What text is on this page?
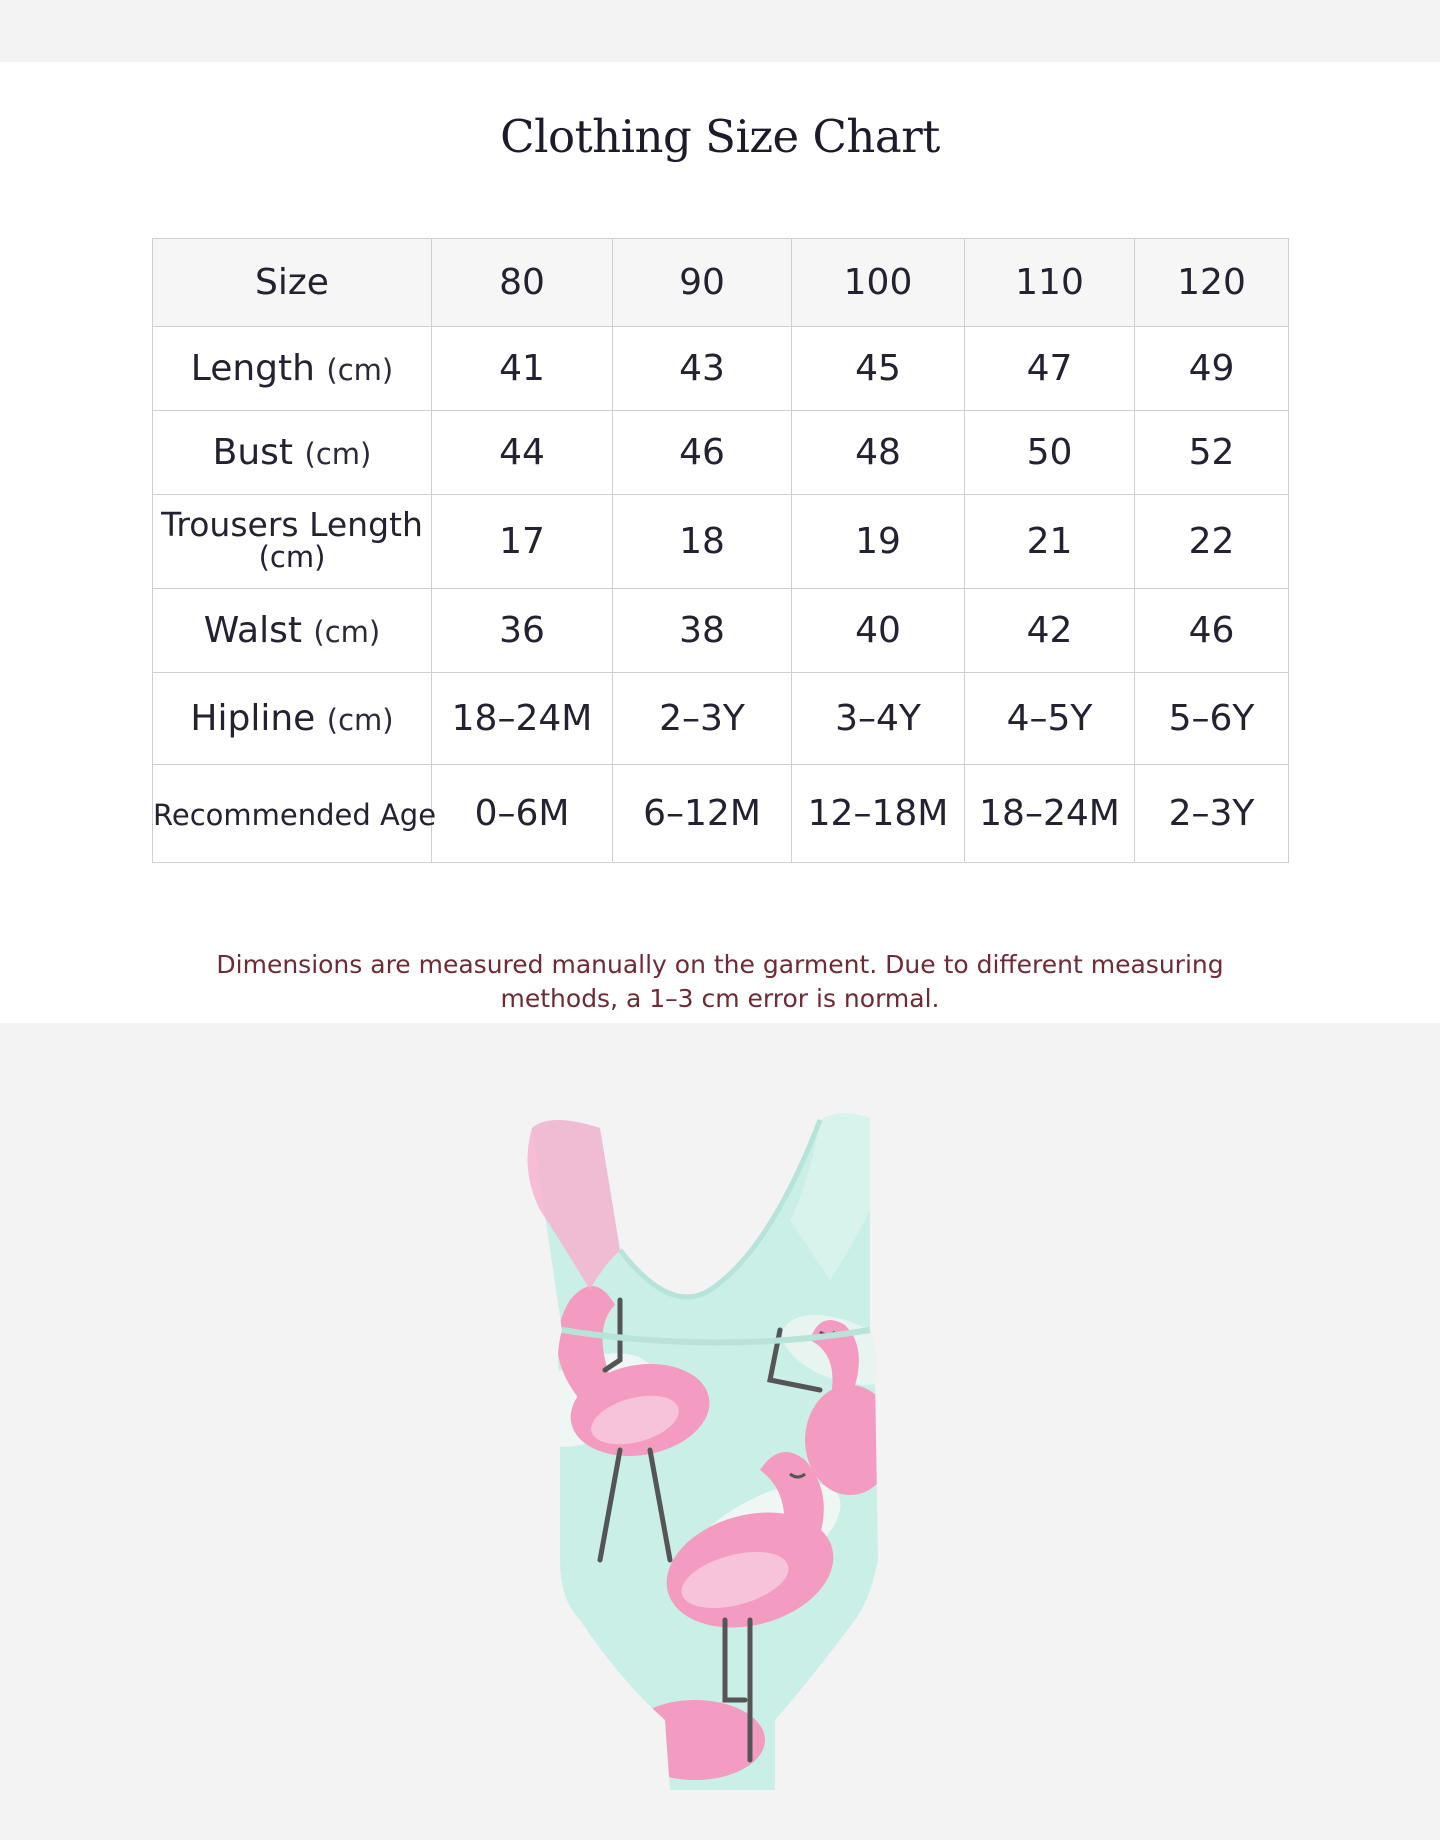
Clothing Size Chart
Size	80	90	100	110	120
Length (cm)	41	43	45	47	49
Bust (cm)	44	46	48	50	52
Trousers Length
(cm)	17	18	19	21	22
Walst (cm)	36	38	40	42	46
Hipline (cm)	18–24M	2–3Y	3–4Y	4–5Y	5–6Y
Recommended Age	0–6M	6–12M	12–18M	18–24M	2–3Y
Dimensions are measured manually on the garment. Due to different measuring
methods, a 1–3 cm error is normal.
